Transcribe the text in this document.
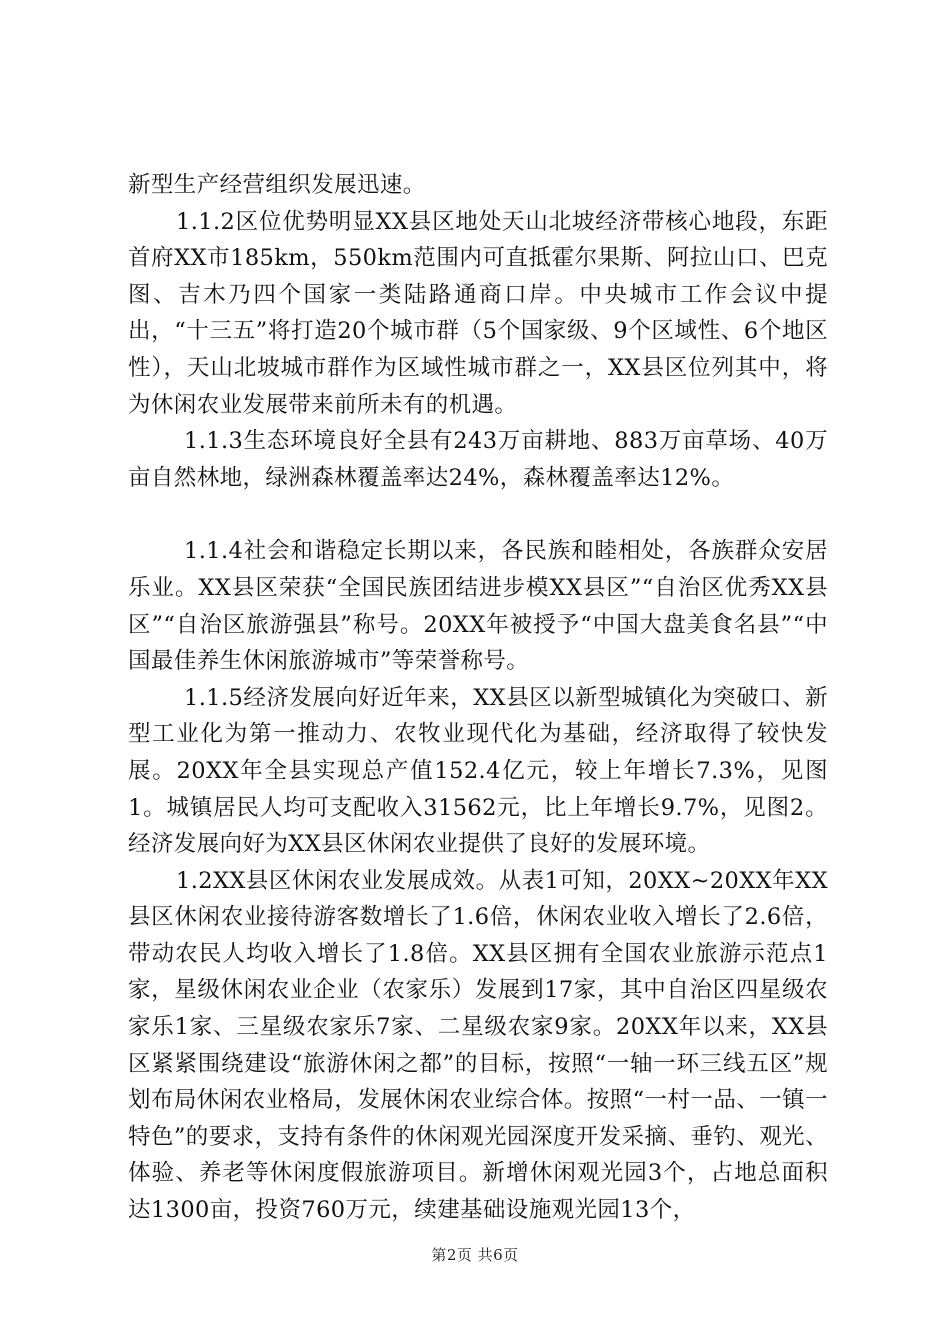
新型生产经营组织发展迅速。

1.1.2区位优势明显XX县区地处天山北坡经济带核心地段，东距首府XX市185km，550km范围内可直抵霍尔果斯、阿拉山口、巴克图、吉木乃四个国家一类陆路通商口岸。中央城市工作会议中提出，“十三五”将打造20个城市群（5个国家级、9个区域性、6个地区性），天山北坡城市群作为区域性城市群之一，XX县区位列其中，将为休闲农业发展带来前所未有的机遇。

1.1.3生态环境良好全县有243万亩耕地、883万亩草场、40万亩自然林地，绿洲森林覆盖率达24%，森林覆盖率达12%。

1.1.4社会和谐稳定长期以来，各民族和睦相处，各族群众安居乐业。XX县区荣获“全国民族团结进步模XX县区”“自治区优秀XX县区”“自治区旅游强县”称号。20XX年被授予“中国大盘美食名县”“中国最佳养生休闲旅游城市”等荣誉称号。

1.1.5经济发展向好近年来，XX县区以新型城镇化为突破口、新型工业化为第一推动力、农牧业现代化为基础，经济取得了较快发展。20XX年全县实现总产值152.4亿元，较上年增长7.3%，见图1。城镇居民人均可支配收入31562元，比上年增长9.7%，见图2。经济发展向好为XX县区休闲农业提供了良好的发展环境。

1.2XX县区休闲农业发展成效。从表1可知，20XX~20XX年XX县区休闲农业接待游客数增长了1.6倍，休闲农业收入增长了2.6倍，带动农民人均收入增长了1.8倍。XX县区拥有全国农业旅游示范点1家，星级休闲农业企业（农家乐）发展到17家，其中自治区四星级农家乐1家、三星级农家乐7家、二星级农家9家。20XX年以来，XX县区紧紧围绕建设“旅游休闲之都”的目标，按照“一轴一环三线五区”规划布局休闲农业格局，发展休闲农业综合体。按照“一村一品、一镇一特色”的要求，支持有条件的休闲观光园深度开发采摘、垂钓、观光、体验、养老等休闲度假旅游项目。新增休闲观光园3个，占地总面积达1300亩，投资760万元，续建基础设施观光园13个，

第2页 共6页
